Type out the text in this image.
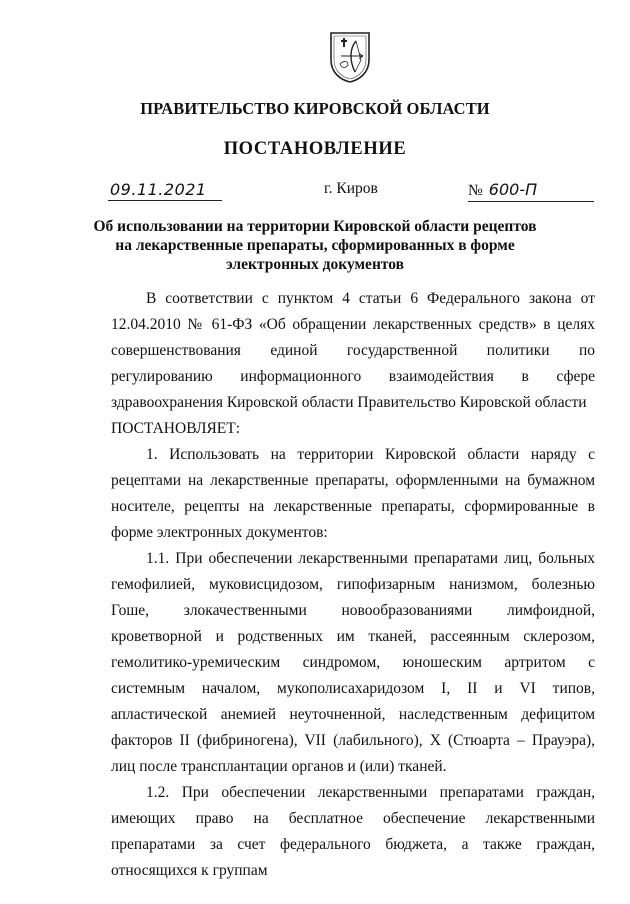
ПРАВИТЕЛЬСТВО КИРОВСКОЙ ОБЛАСТИ
ПОСТАНОВЛЕНИЕ
09.11.2021	г. Киров	№ 600-П
Об использовании на территории Кировской области рецептов на лекарственные препараты, сформированных в форме электронных документов

В соответствии с пунктом 4 статьи 6 Федерального закона от 12.04.2010 № 61-ФЗ «Об обращении лекарственных средств» в целях совершенствования единой государственной политики по регулированию информационного взаимодействия в сфере здравоохранения Кировской области Правительство Кировской области

ПОСТАНОВЛЯЕТ:

1. Использовать на территории Кировской области наряду с рецептами на лекарственные препараты, оформленными на бумажном носителе, рецепты на лекарственные препараты, сформированные в форме электронных документов:

1.1. При обеспечении лекарственными препаратами лиц, больных гемофилией, муковисцидозом, гипофизарным нанизмом, болезнью Гоше, злокачественными новообразованиями лимфоидной, кроветворной и родственных им тканей, рассеянным склерозом, гемолитико-уремическим синдромом, юношеским артритом с системным началом, мукополисахаридозом I, II и VI типов, апластической анемией неуточненной, наследственным дефицитом факторов II (фибриногена), VII (лабильного), X (Стюарта – Прауэра), лиц после трансплантации органов и (или) тканей.

1.2. При обеспечении лекарственными препаратами граждан, имеющих право на бесплатное обеспечение лекарственными препаратами за счет федерального бюджета, а также граждан, относящихся к группам
